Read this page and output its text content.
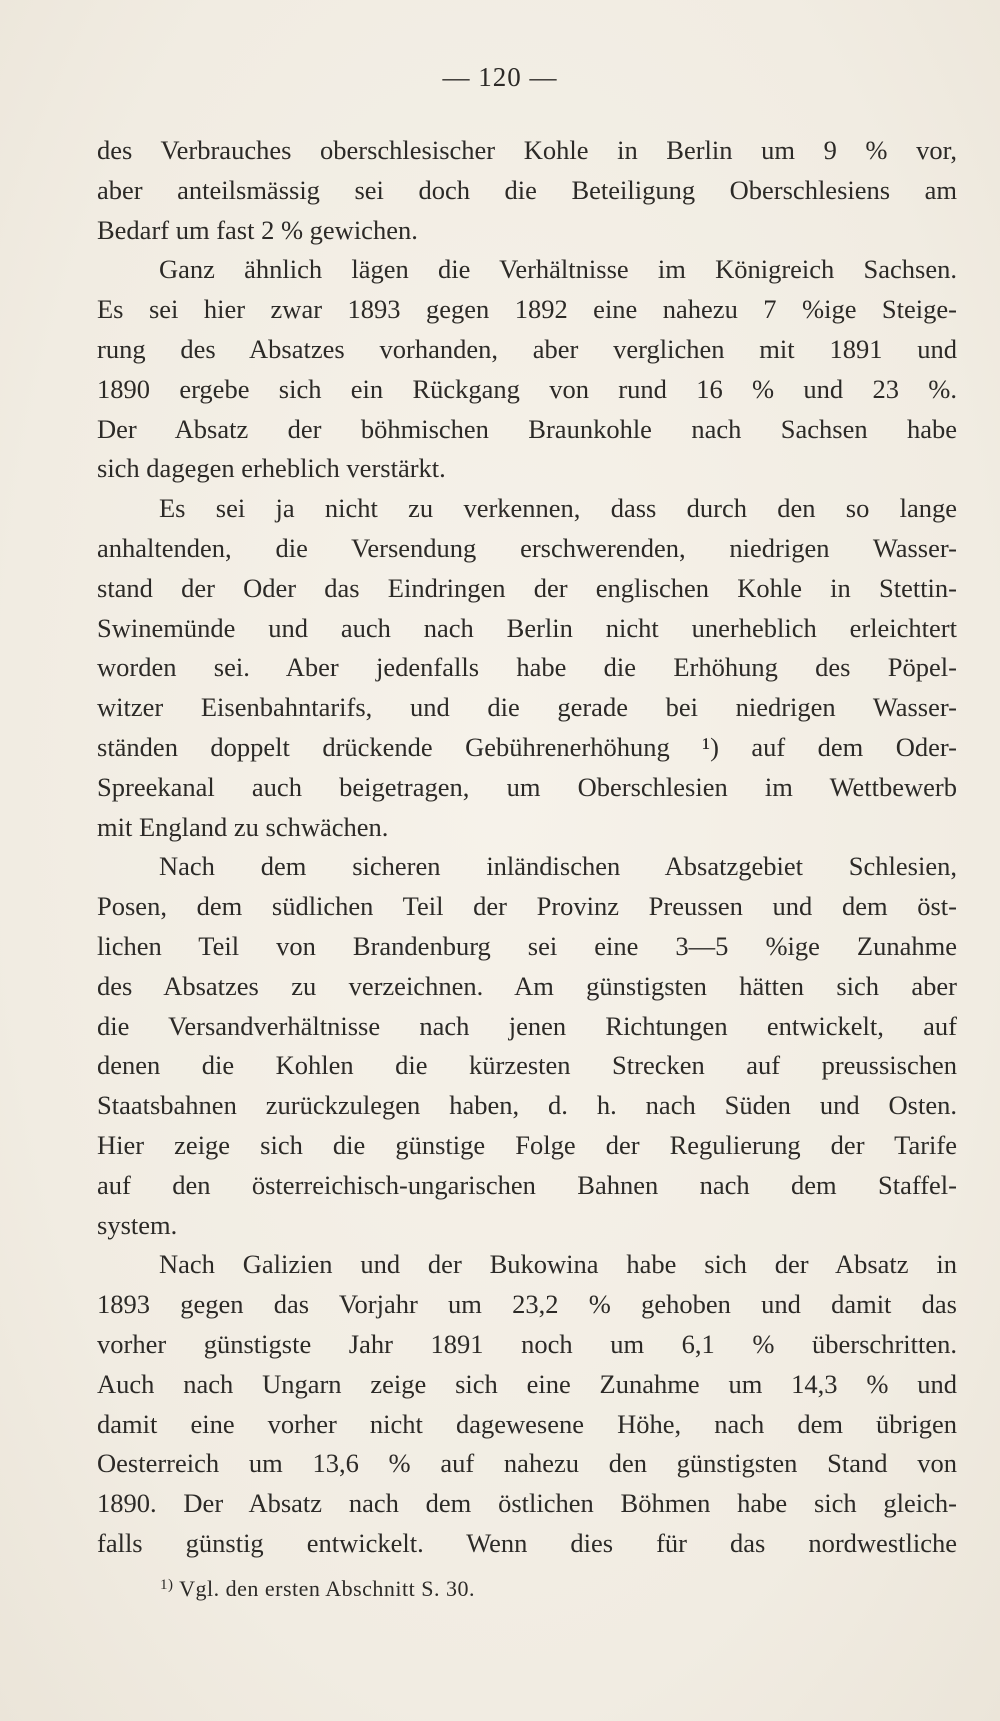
— 120 —
des Verbrauches oberschlesischer Kohle in Berlin um 9 % vor,
aber anteilsmässig sei doch die Beteiligung Oberschlesiens am
Bedarf um fast 2 % gewichen.
Ganz ähnlich lägen die Verhältnisse im Königreich Sachsen.
Es sei hier zwar 1893 gegen 1892 eine nahezu 7 %ige Steige-
rung des Absatzes vorhanden, aber verglichen mit 1891 und
1890 ergebe sich ein Rückgang von rund 16 % und 23 %.
Der Absatz der böhmischen Braunkohle nach Sachsen habe
sich dagegen erheblich verstärkt.
Es sei ja nicht zu verkennen, dass durch den so lange
anhaltenden, die Versendung erschwerenden, niedrigen Wasser-
stand der Oder das Eindringen der englischen Kohle in Stettin-
Swinemünde und auch nach Berlin nicht unerheblich erleichtert
worden sei. Aber jedenfalls habe die Erhöhung des Pöpel-
witzer Eisenbahntarifs, und die gerade bei niedrigen Wasser-
ständen doppelt drückende Gebührenerhöhung ¹) auf dem Oder-
Spreekanal auch beigetragen, um Oberschlesien im Wettbewerb
mit England zu schwächen.
Nach dem sicheren inländischen Absatzgebiet Schlesien,
Posen, dem südlichen Teil der Provinz Preussen und dem öst-
lichen Teil von Brandenburg sei eine 3—5 %ige Zunahme
des Absatzes zu verzeichnen. Am günstigsten hätten sich aber
die Versandverhältnisse nach jenen Richtungen entwickelt, auf
denen die Kohlen die kürzesten Strecken auf preussischen
Staatsbahnen zurückzulegen haben, d. h. nach Süden und Osten.
Hier zeige sich die günstige Folge der Regulierung der Tarife
auf den österreichisch-ungarischen Bahnen nach dem Staffel-
system.
Nach Galizien und der Bukowina habe sich der Absatz in
1893 gegen das Vorjahr um 23,2 % gehoben und damit das
vorher günstigste Jahr 1891 noch um 6,1 % überschritten.
Auch nach Ungarn zeige sich eine Zunahme um 14,3 % und
damit eine vorher nicht dagewesene Höhe, nach dem übrigen
Oesterreich um 13,6 % auf nahezu den günstigsten Stand von
1890. Der Absatz nach dem östlichen Böhmen habe sich gleich-
falls günstig entwickelt. Wenn dies für das nordwestliche
$^{1)}$ Vgl. den ersten Abschnitt S. 30.
